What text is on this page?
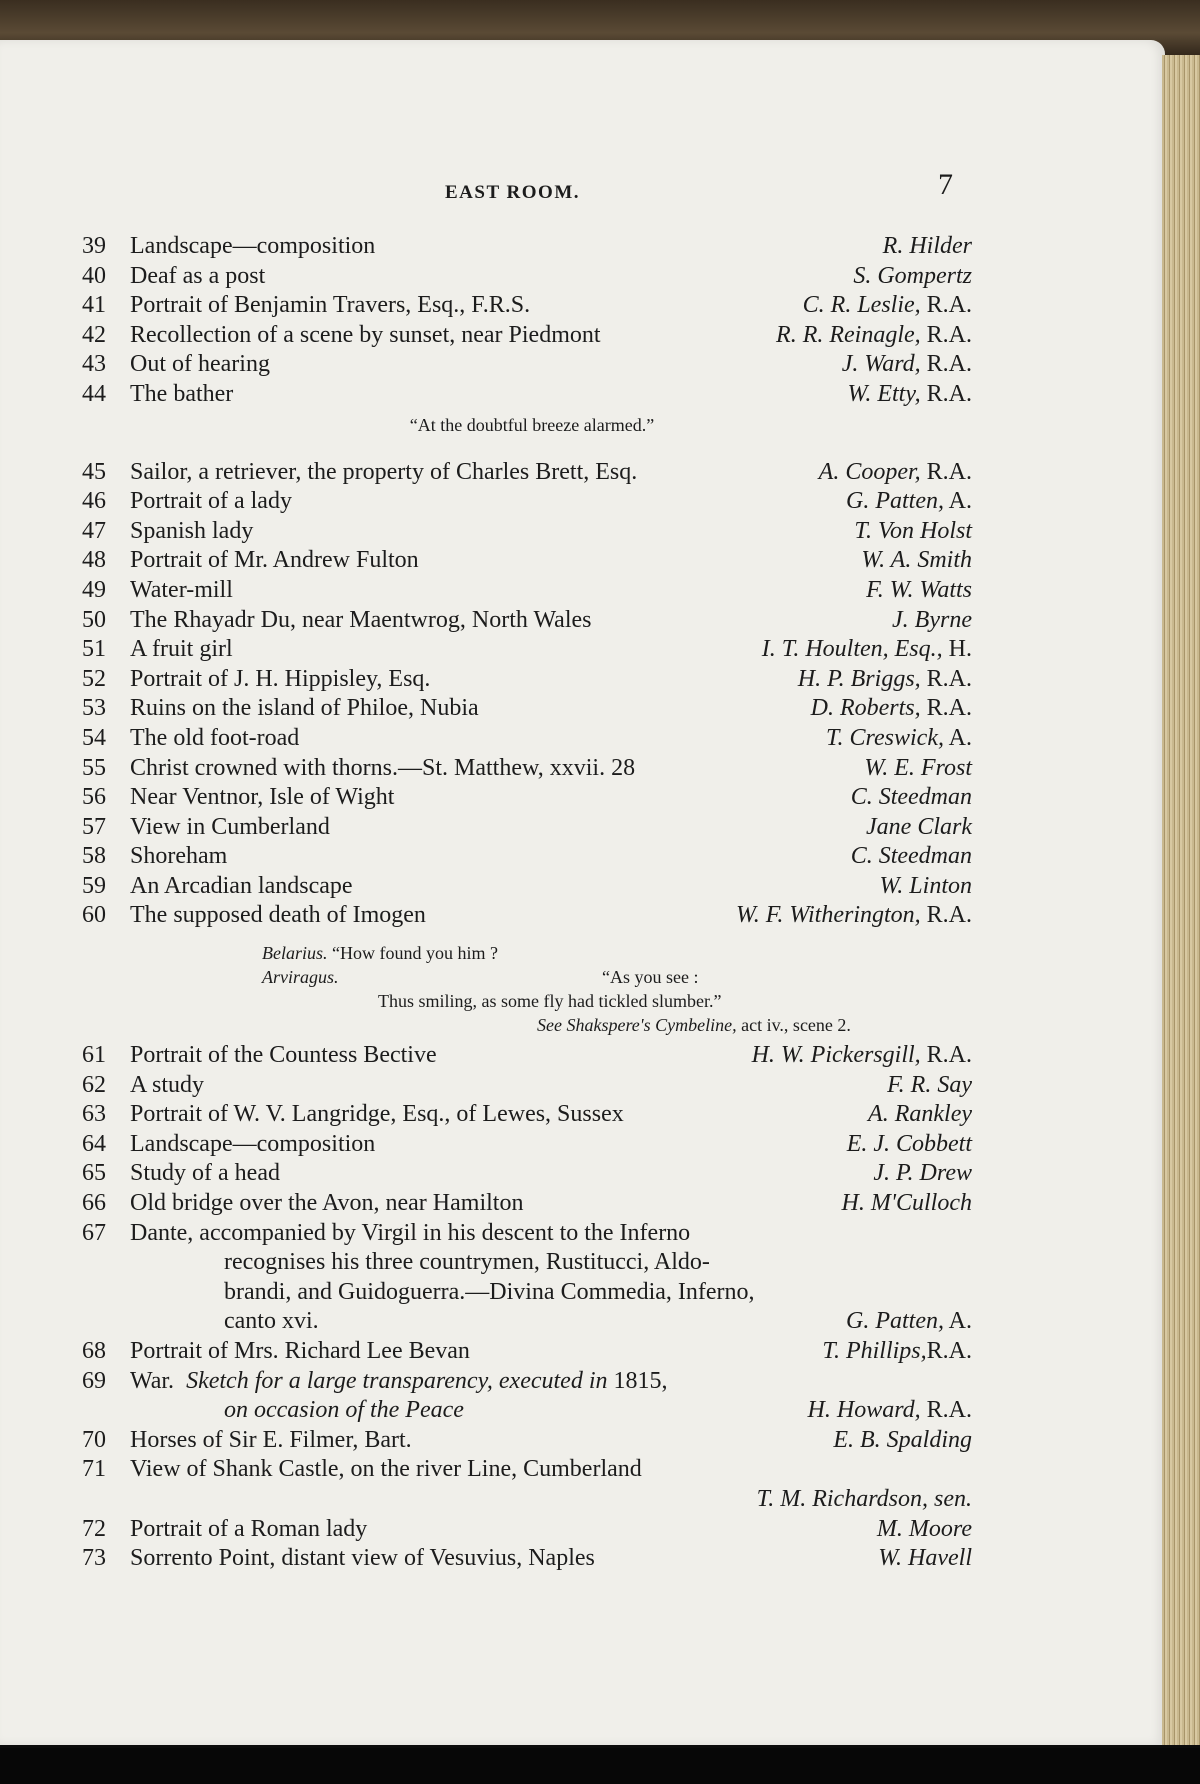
EAST ROOM.	7
39 Landscape—composition	R. Hilder
40 Deaf as a post	S. Gompertz
41 Portrait of Benjamin Travers, Esq., F.R.S.	C. R. Leslie, R.A.
42 Recollection of a scene by sunset, near Piedmont	R. R. Reinagle, R.A.
43 Out of hearing	J. Ward, R.A.
44 The bather	W. Etty, R.A.
“At the doubtful breeze alarmed.”
45 Sailor, a retriever, the property of Charles Brett, Esq.	A. Cooper, R.A.
46 Portrait of a lady	G. Patten, A.
47 Spanish lady	T. Von Holst
48 Portrait of Mr. Andrew Fulton	W. A. Smith
49 Water-mill	F. W. Watts
50 The Rhayadr Du, near Maentwrog, North Wales	J. Byrne
51 A fruit girl	I. T. Houlten, Esq., H.
52 Portrait of J. H. Hippisley, Esq.	H. P. Briggs, R.A.
53 Ruins on the island of Philoe, Nubia	D. Roberts, R.A.
54 The old foot-road	T. Creswick, A.
55 Christ crowned with thorns.—St. Matthew, xxvii. 28	W. E. Frost
56 Near Ventnor, Isle of Wight	C. Steedman
57 View in Cumberland	Jane Clark
58 Shoreham	C. Steedman
59 An Arcadian landscape	W. Linton
60 The supposed death of Imogen	W. F. Witherington, R.A.
Belarius. “How found you him ?
Arviragus.	“As you see :
Thus smiling, as some fly had tickled slumber.”
See Shakspere's Cymbeline, act iv., scene 2.
61 Portrait of the Countess Bective	H. W. Pickersgill, R.A.
62 A study	F. R. Say
63 Portrait of W. V. Langridge, Esq., of Lewes, Sussex	A. Rankley
64 Landscape—composition	E. J. Cobbett
65 Study of a head	J. P. Drew
66 Old bridge over the Avon, near Hamilton	H. M'Culloch
67 Dante, accompanied by Virgil in his descent to the Inferno
recognises his three countrymen, Rustitucci, Aldo-
brandi, and Guidoguerra.—Divina Commedia, Inferno,
canto xvi.	G. Patten, A.
68 Portrait of Mrs. Richard Lee Bevan	T. Phillips,R.A.
69 War. Sketch for a large transparency, executed in 1815,
on occasion of the Peace	H. Howard, R.A.
70 Horses of Sir E. Filmer, Bart.	E. B. Spalding
71 View of Shank Castle, on the river Line, Cumberland
T. M. Richardson, sen.
72 Portrait of a Roman lady	M. Moore
73 Sorrento Point, distant view of Vesuvius, Naples	W. Havell
